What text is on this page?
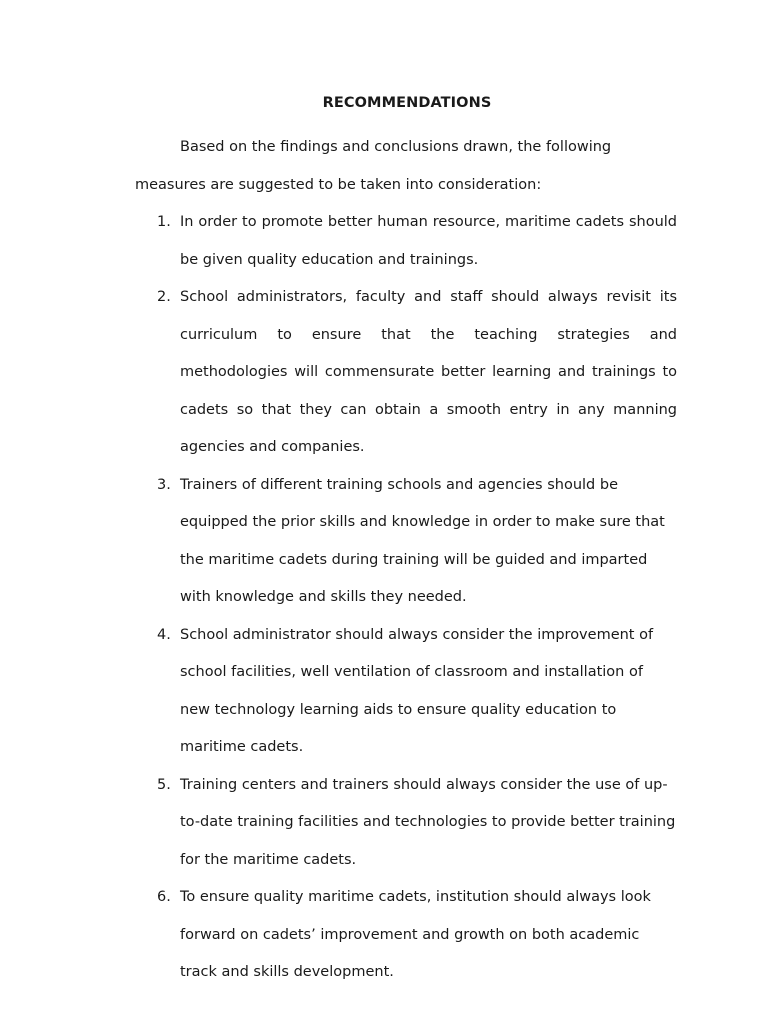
RECOMMENDATIONS

Based on the findings and conclusions drawn, the following measures are suggested to be taken into consideration:

1. In order to promote better human resource, maritime cadets should be given quality education and trainings.
2. School administrators, faculty and staff should always revisit its curriculum to ensure that the teaching strategies and methodologies will commensurate better learning and trainings to cadets so that they can obtain a smooth entry in any manning agencies and companies.
3. Trainers of different training schools and agencies should be equipped the prior skills and knowledge in order to make sure that the maritime cadets during training will be guided and imparted with knowledge and skills they needed.
4. School administrator should always consider the improvement of school facilities, well ventilation of classroom and installation of new technology learning aids to ensure quality education to maritime cadets.
5. Training centers and trainers should always consider the use of up-to-date training facilities and technologies to provide better training for the maritime cadets.
6. To ensure quality maritime cadets, institution should always look forward on cadets’ improvement and growth on both academic track and skills development.
